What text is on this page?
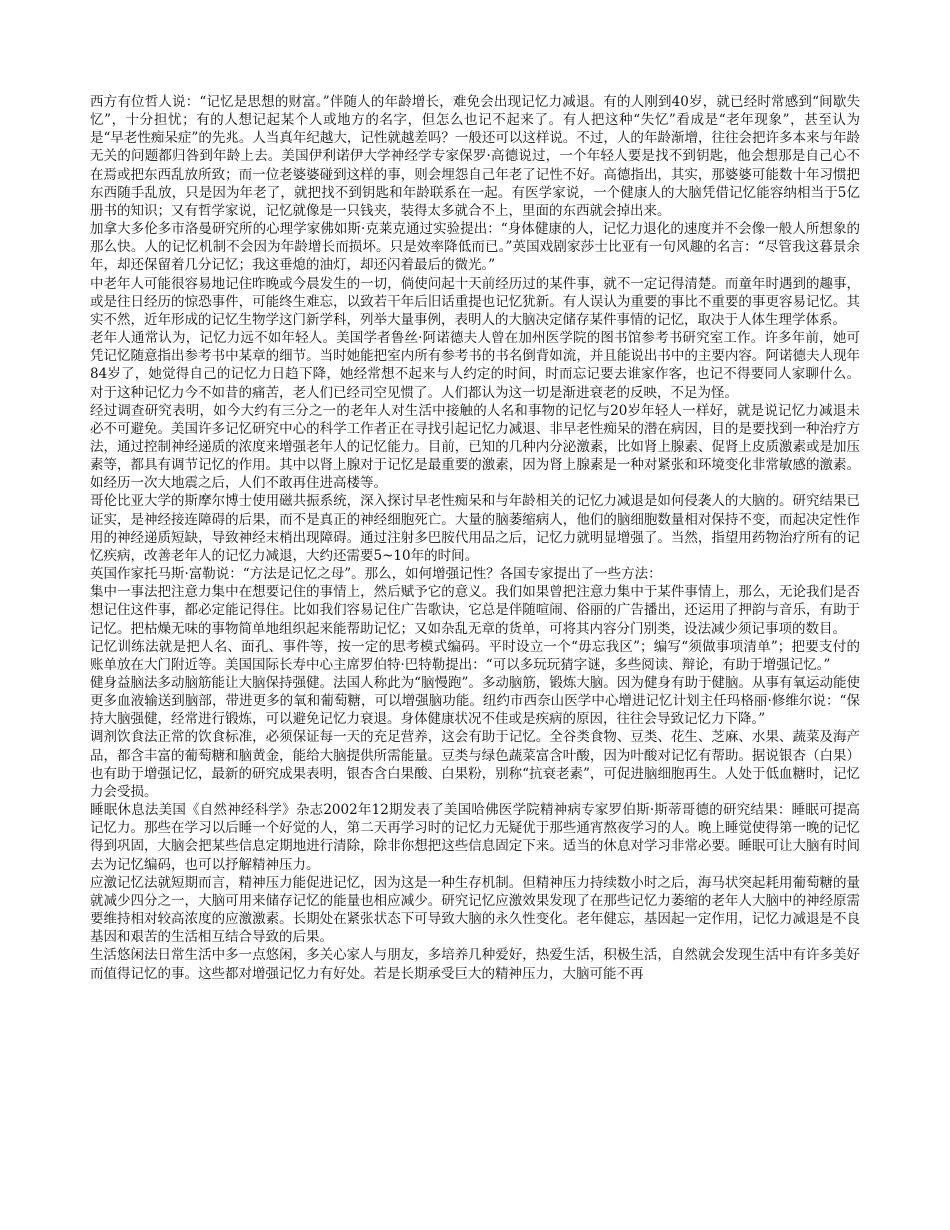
西方有位哲人说：“记忆是思想的财富。”伴随人的年龄增长，难免会出现记忆力减退。有的人刚到40岁，就已经时常感到“间歇失忆”，十分担忧；有的人想记起某个人或地方的名字，但怎么也记不起来了。有人把这种“失忆”看成是“老年现象”，甚至认为是“早老性痴呆症”的先兆。人当真年纪越大，记性就越差吗？一般还可以这样说。不过，人的年龄渐增，往往会把许多本来与年龄无关的问题都归咎到年龄上去。美国伊利诺伊大学神经学专家保罗·高德说过，一个年轻人要是找不到钥匙，他会想那是自己心不在焉或把东西乱放所致；而一位老婆婆碰到这样的事，则会埋怨自己年老了记性不好。高德指出，其实，那婆婆可能数十年习惯把东西随手乱放，只是因为年老了，就把找不到钥匙和年龄联系在一起。有医学家说，一个健康人的大脑凭借记忆能容纳相当于5亿册书的知识；又有哲学家说，记忆就像是一只钱夹，装得太多就合不上，里面的东西就会掉出来。

加拿大多伦多市洛曼研究所的心理学家佛如斯·克莱克通过实验提出：“身体健康的人，记忆力退化的速度并不会像一般人所想象的那么快。人的记忆机制不会因为年龄增长而损坏。只是效率降低而已。”英国戏剧家莎士比亚有一句风趣的名言：“尽管我这暮景余年，却还保留着几分记忆；我这垂熄的油灯，却还闪着最后的微光。”

中老年人可能很容易地记住昨晚或今晨发生的一切，倘使问起十天前经历过的某件事，就不一定记得清楚。而童年时遇到的趣事，或是往日经历的惊恐事件，可能终生难忘，以致若干年后旧话重提也记忆犹新。有人误认为重要的事比不重要的事更容易记忆。其实不然，近年形成的记忆生物学这门新学科，列举大量事例，表明人的大脑决定储存某件事情的记忆，取决于人体生理学体系。

老年人通常认为，记忆力远不如年轻人。美国学者鲁丝·阿诺德夫人曾在加州医学院的图书馆参考书研究室工作。许多年前，她可凭记忆随意指出参考书中某章的细节。当时她能把室内所有参考书的书名倒背如流，并且能说出书中的主要内容。阿诺德夫人现年84岁了，她觉得自己的记忆力日趋下降，她经常想不起来与人约定的时间，时而忘记要去谁家作客，也记不得要同人家聊什么。对于这种记忆力今不如昔的痛苦，老人们已经司空见惯了。人们都认为这一切是渐进衰老的反映，不足为怪。

经过调查研究表明，如今大约有三分之一的老年人对生活中接触的人名和事物的记忆与20岁年轻人一样好，就是说记忆力减退未必不可避免。美国许多记忆研究中心的科学工作者正在寻找引起记忆力减退、非早老性痴呆的潜在病因，目的是要找到一种治疗方法，通过控制神经递质的浓度来增强老年人的记忆能力。目前，已知的几种内分泌激素，比如肾上腺素、促肾上皮质激素或是加压素等，都具有调节记忆的作用。其中以肾上腺对于记忆是最重要的激素，因为肾上腺素是一种对紧张和环境变化非常敏感的激素。如经历一次大地震之后，人们不敢再住进高楼等。

哥伦比亚大学的斯摩尔博士使用磁共振系统，深入探讨早老性痴呆和与年龄相关的记忆力减退是如何侵袭人的大脑的。研究结果已证实，是神经接连障碍的后果，而不是真正的神经细胞死亡。大量的脑萎缩病人，他们的脑细胞数量相对保持不变，而起决定性作用的神经递质短缺，导致神经末梢出现障碍。通过注射多巴胺代用品之后，记忆力就明显增强了。当然，指望用药物治疗所有的记忆疾病，改善老年人的记忆力减退，大约还需要5~10年的时间。

英国作家托马斯·富勒说：“方法是记忆之母”。那么，如何增强记性？各国专家提出了一些方法：

集中一事法把注意力集中在想要记住的事情上，然后赋予它的意义。我们如果曾把注意力集中于某件事情上，那么，无论我们是否想记住这件事，都必定能记得住。比如我们容易记住广告歌诀，它总是伴随喧闹、俗丽的广告播出，还运用了押韵与音乐，有助于记忆。把枯燥无味的事物简单地组织起来能帮助记忆；又如杂乱无章的货单，可将其内容分门别类，设法减少须记事项的数目。

记忆训练法就是把人名、面孔、事件等，按一定的思考模式编码。平时设立一个“毋忘我区”；编写“须做事项清单”；把要支付的账单放在大门附近等。美国国际长寿中心主席罗伯特·巴特勒提出：“可以多玩玩猜字谜，多些阅读、辩论，有助于增强记忆。”

健身益脑法多动脑筋能让大脑保持强健。法国人称此为“脑慢跑”。多动脑筋，锻炼大脑。因为健身有助于健脑。从事有氧运动能使更多血液输送到脑部，带进更多的氧和葡萄糖，可以增强脑功能。纽约市西奈山医学中心增进记忆计划主任玛格丽·修维尔说：“保持大脑强健，经常进行锻炼，可以避免记忆力衰退。身体健康状况不佳或是疾病的原因，往往会导致记忆力下降。”

调剂饮食法正常的饮食标准，必须保证每一天的充足营养，这会有助于记忆。全谷类食物、豆类、花生、芝麻、水果、蔬菜及海产品，都含丰富的葡萄糖和脑黄金，能给大脑提供所需能量。豆类与绿色蔬菜富含叶酸，因为叶酸对记忆有帮助。据说银杏（白果）也有助于增强记忆，最新的研究成果表明，银杏含白果酸、白果粉，别称“抗衰老素”，可促进脑细胞再生。人处于低血糖时，记忆力会受损。

睡眠休息法美国《自然神经科学》杂志2002年12期发表了美国哈佛医学院精神病专家罗伯斯·斯蒂哥德的研究结果：睡眠可提高记忆力。那些在学习以后睡一个好觉的人，第二天再学习时的记忆力无疑优于那些通宵熬夜学习的人。晚上睡觉使得第一晚的记忆得到巩固，大脑会把某些信息定期地进行清除，除非你想把这些信息固定下来。适当的休息对学习非常必要。睡眠可让大脑有时间去为记忆编码，也可以抒解精神压力。

应激记忆法就短期而言，精神压力能促进记忆，因为这是一种生存机制。但精神压力持续数小时之后，海马状突起耗用葡萄糖的量就减少四分之一，大脑可用来储存记忆的能量也相应减少。研究记忆应激效果发现了在那些记忆力萎缩的老年人大脑中的神经原需要维持相对较高浓度的应激激素。长期处在紧张状态下可导致大脑的永久性变化。老年健忘，基因起一定作用，记忆力减退是不良基因和艰苦的生活相互结合导致的后果。

生活悠闲法日常生活中多一点悠闲，多关心家人与朋友，多培养几种爱好，热爱生活，积极生活，自然就会发现生活中有许多美好而值得记忆的事。这些都对增强记忆力有好处。若是长期承受巨大的精神压力，大脑可能不再
